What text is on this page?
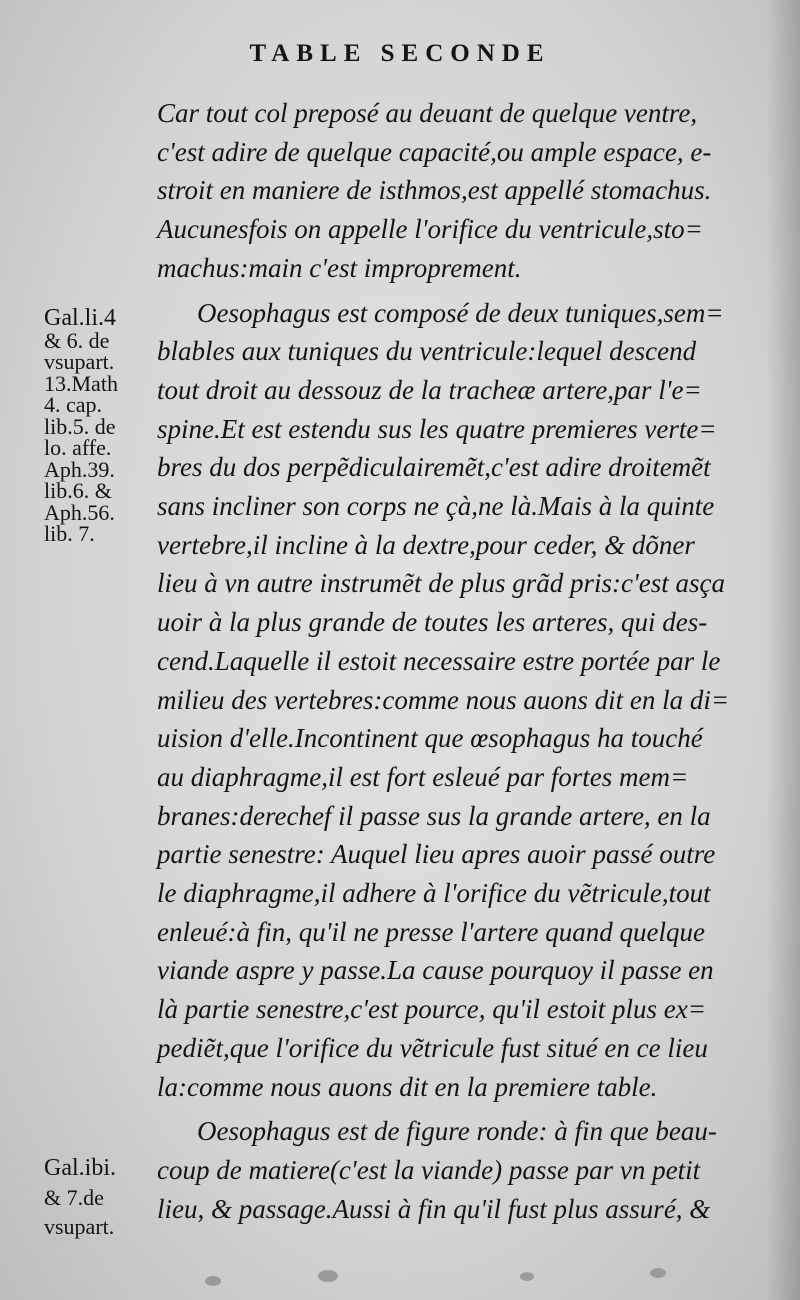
TABLE SECONDE
Car tout col preposé au deuant de quelque ventre,
c'est adire de quelque capacité,ou ample espace, e-
stroit en maniere de isthmos,est appellé stomachus.
Aucunesfois on appelle l'orifice du ventricule,sto=
machus:main c'est improprement.
Oesophagus est composé de deux tuniques,sem=
blables aux tuniques du ventricule:lequel descend
tout droit au dessouz de la tracheæ artere,par l'e=
spine.Et est estendu sus les quatre premieres verte=
bres du dos perpẽdiculairemẽt,c'est adire droitemẽt
sans incliner son corps ne çà,ne là.Mais à la quinte
vertebre,il incline à la dextre,pour ceder, & dõner
lieu à vn autre instrumẽt de plus grãd pris:c'est asça
uoir à la plus grande de toutes les arteres, qui des-
cend.Laquelle il estoit necessaire estre portée par le
milieu des vertebres:comme nous auons dit en la di=
uision d'elle.Incontinent que œsophagus ha touché
au diaphragme,il est fort esleué par fortes mem=
branes:derechef il passe sus la grande artere, en la
partie senestre: Auquel lieu apres auoir passé outre
le diaphragme,il adhere à l'orifice du vẽtricule,tout
enleué:à fin, qu'il ne presse l'artere quand quelque
viande aspre y passe.La cause pourquoy il passe en
là partie senestre,c'est pource, qu'il estoit plus ex=
pediẽt,que l'orifice du vẽtricule fust situé en ce lieu
la:comme nous auons dit en la premiere table.
Oesophagus est de figure ronde: à fin que beau-
coup de matiere(c'est la viande) passe par vn petit
lieu, & passage.Aussi à fin qu'il fust plus assuré, &
Gal.li.4
& 6. de
vsupart.
13.Math
4. cap.
lib.5. de
lo. affe.
Aph.39.
lib.6. &
Aph.56.
lib. 7.
Gal.ibi.
& 7.de
vsupart.
